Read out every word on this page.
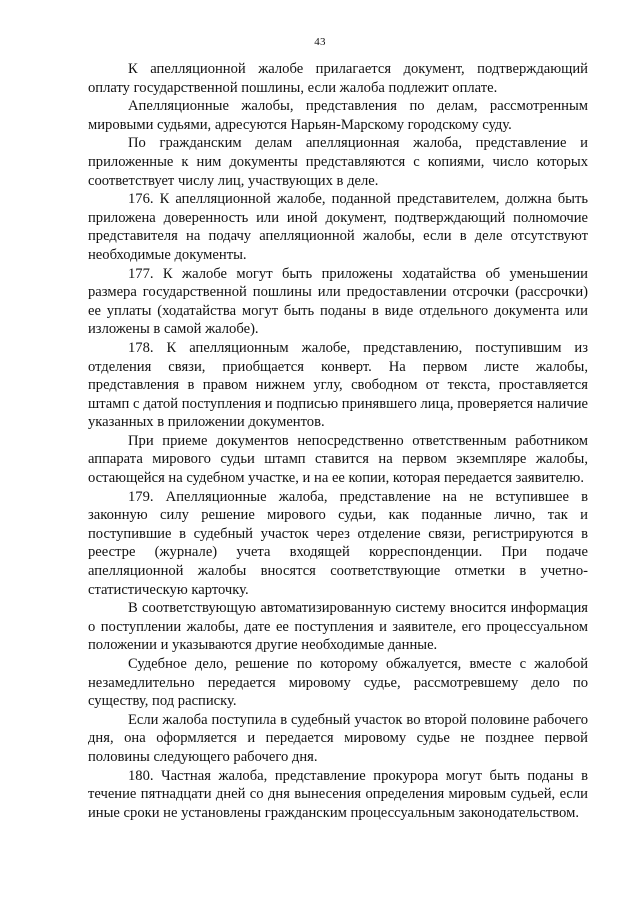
43

К апелляционной жалобе прилагается документ, подтверждающий оплату государственной пошлины, если жалоба подлежит оплате.

Апелляционные жалобы, представления по делам, рассмотренным мировыми судьями, адресуются Нарьян-Марскому городскому суду.

По гражданским делам апелляционная жалоба, представление и приложенные к ним документы представляются с копиями, число которых соответствует числу лиц, участвующих в деле.

176. К апелляционной жалобе, поданной представителем, должна быть приложена доверенность или иной документ, подтверждающий полномочие представителя на подачу апелляционной жалобы, если в деле отсутствуют необходимые документы.

177. К жалобе могут быть приложены ходатайства об уменьшении размера государственной пошлины или предоставлении отсрочки (рассрочки) ее уплаты (ходатайства могут быть поданы в виде отдельного документа или изложены в самой жалобе).

178. К апелляционным жалобе, представлению, поступившим из отделения связи, приобщается конверт. На первом листе жалобы, представления в правом нижнем углу, свободном от текста, проставляется штамп с датой поступления и подписью принявшего лица, проверяется наличие указанных в приложении документов.

При приеме документов непосредственно ответственным работником аппарата мирового судьи штамп ставится на первом экземпляре жалобы, остающейся на судебном участке, и на ее копии, которая передается заявителю.

179. Апелляционные жалоба, представление на не вступившее в законную силу решение мирового судьи, как поданные лично, так и поступившие в судебный участок через отделение связи, регистрируются в реестре (журнале) учета входящей корреспонденции. При подаче апелляционной жалобы вносятся соответствующие отметки в учетно-статистическую карточку.

В соответствующую автоматизированную систему вносится информация о поступлении жалобы, дате ее поступления и заявителе, его процессуальном положении и указываются другие необходимые данные.

Судебное дело, решение по которому обжалуется, вместе с жалобой незамедлительно передается мировому судье, рассмотревшему дело по существу, под расписку.

Если жалоба поступила в судебный участок во второй половине рабочего дня, она оформляется и передается мировому судье не позднее первой половины следующего рабочего дня.

180. Частная жалоба, представление прокурора могут быть поданы в течение пятнадцати дней со дня вынесения определения мировым судьей, если иные сроки не установлены гражданским процессуальным законодательством.
